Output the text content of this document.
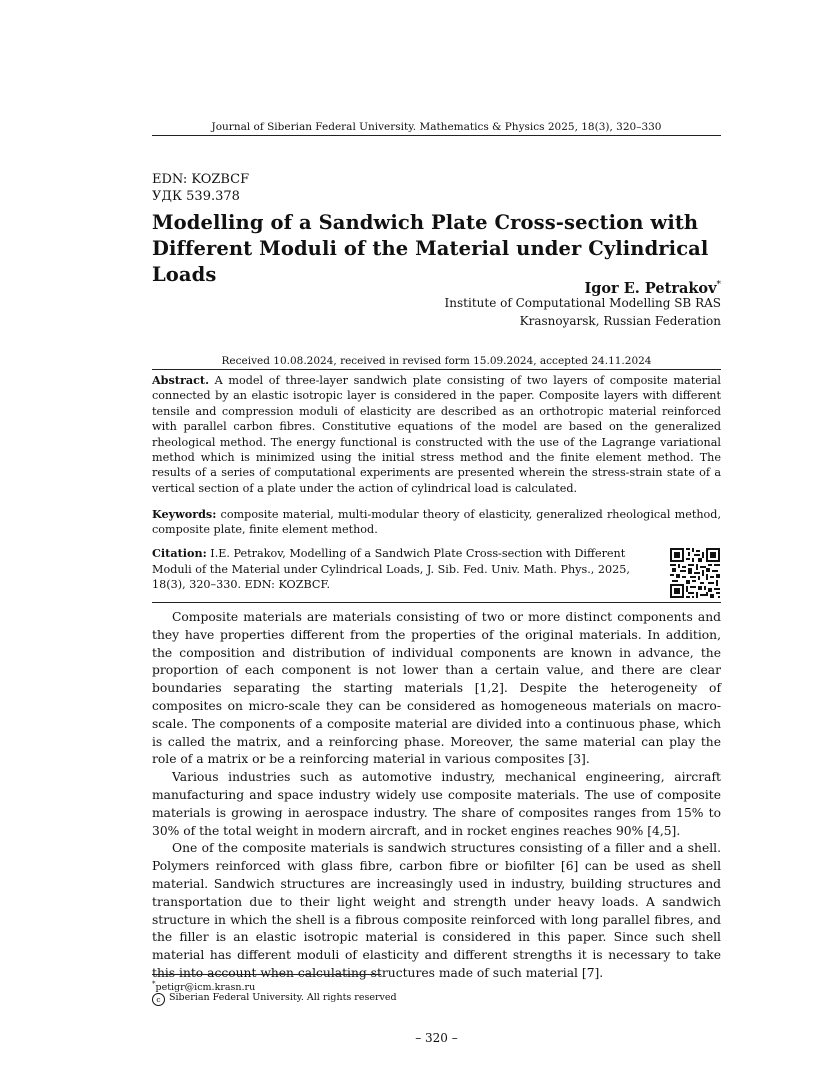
Journal of Siberian Federal University. Mathematics & Physics 2025, 18(3), 320–330
EDN: KOZBCF
УДК 539.378
Modelling of a Sandwich Plate Cross-section with Different Moduli of the Material under Cylindrical Loads
Igor E. Petrakov*
Institute of Computational Modelling SB RAS
Krasnoyarsk, Russian Federation
Received 10.08.2024, received in revised form 15.09.2024, accepted 24.11.2024
Abstract. A model of three-layer sandwich plate consisting of two layers of composite material connected by an elastic isotropic layer is considered in the paper. Composite layers with different tensile and compression moduli of elasticity are described as an orthotropic material reinforced with parallel carbon fibres. Constitutive equations of the model are based on the generalized rheological method. The energy functional is constructed with the use of the Lagrange variational method which is minimized using the initial stress method and the finite element method. The results of a series of computational experiments are presented wherein the stress-strain state of a vertical section of a plate under the action of cylindrical load is calculated.
Keywords: composite material, multi-modular theory of elasticity, generalized rheological method, composite plate, finite element method.
Citation: I.E. Petrakov, Modelling of a Sandwich Plate Cross-section with Different Moduli of the Material under Cylindrical Loads, J. Sib. Fed. Univ. Math. Phys., 2025, 18(3), 320–330. EDN: KOZBCF.

Composite materials are materials consisting of two or more distinct components and they have properties different from the properties of the original materials. In addition, the composition and distribution of individual components are known in advance, the proportion of each component is not lower than a certain value, and there are clear boundaries separating the starting materials [1,2]. Despite the heterogeneity of composites on micro-scale they can be considered as homogeneous materials on macro-scale. The components of a composite material are divided into a continuous phase, which is called the matrix, and a reinforcing phase. Moreover, the same material can play the role of a matrix or be a reinforcing material in various composites [3].

Various industries such as automotive industry, mechanical engineering, aircraft manufacturing and space industry widely use composite materials. The use of composite materials is growing in aerospace industry. The share of composites ranges from 15% to 30% of the total weight in modern aircraft, and in rocket engines reaches 90% [4,5].

One of the composite materials is sandwich structures consisting of a filler and a shell. Polymers reinforced with glass fibre, carbon fibre or biofilter [6] can be used as shell material. Sandwich structures are increasingly used in industry, building structures and transportation due to their light weight and strength under heavy loads. A sandwich structure in which the shell is a fibrous composite reinforced with long parallel fibres, and the filler is an elastic isotropic material is considered in this paper. Since such shell material has different moduli of elasticity and different strengths it is necessary to take this into account when calculating structures made of such material [7].

*petigr@icm.krasn.ru
c Siberian Federal University. All rights reserved
– 320 –
